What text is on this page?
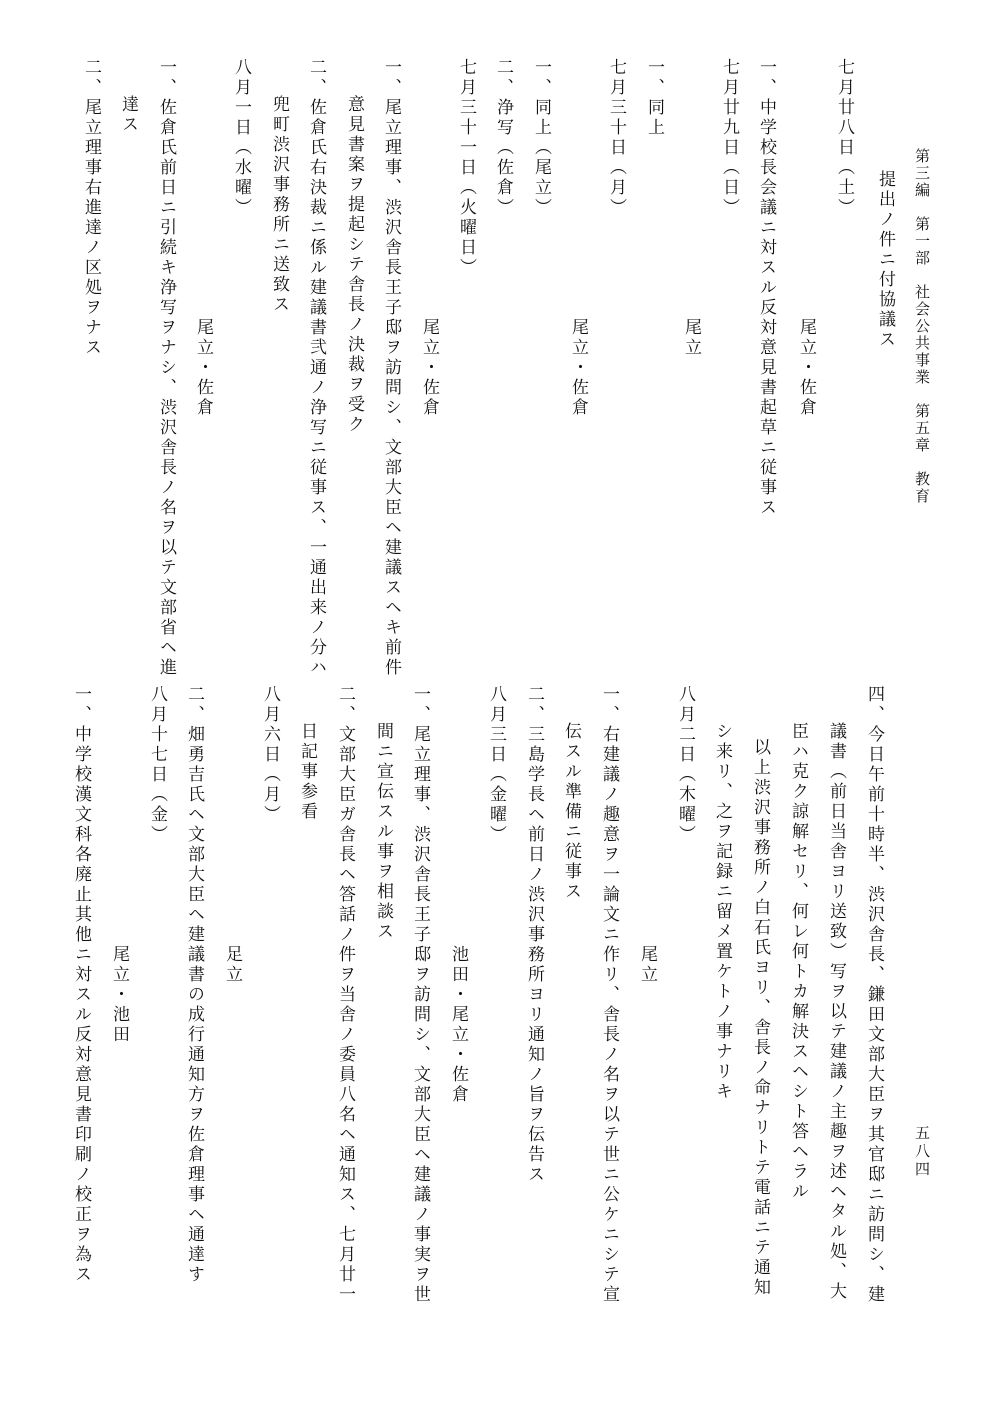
第三編　第一部　社会公共事業　第五章　教育
五八四
提出ノ件ニ付協議ス
七月廿八日（土）
尾立・佐倉
一、中学校長会議ニ対スル反対意見書起草ニ従事ス
七月廿九日（日）
尾立
一、同上
七月三十日（月）
尾立・佐倉
一、同上（尾立）
二、浄写（佐倉）
七月三十一日（火曜日）
尾立・佐倉
一、尾立理事、渋沢舎長王子邸ヲ訪問シ、文部大臣ヘ建議スヘキ前件
意見書案ヲ提起シテ舎長ノ決裁ヲ受ク
二、佐倉氏右決裁ニ係ル建議書弐通ノ浄写ニ従事ス、一通出来ノ分ハ
兜町渋沢事務所ニ送致ス
八月一日（水曜）
尾立・佐倉
一、佐倉氏前日ニ引続キ浄写ヲナシ、渋沢舎長ノ名ヲ以テ文部省ヘ進
達ス
二、尾立理事右進達ノ区処ヲナス
四、今日午前十時半、渋沢舎長、鎌田文部大臣ヲ其官邸ニ訪問シ、建
議書（前日当舎ヨリ送致）写ヲ以テ建議ノ主趣ヲ述ヘタル処、大
臣ハ克ク諒解セリ、何レ何トカ解決スヘシト答ヘラル
以上渋沢事務所ノ白石氏ヨリ、舎長ノ命ナリトテ電話ニテ通知
シ来リ、之ヲ記録ニ留メ置ケトノ事ナリキ
八月二日（木曜）
尾立
一、右建議ノ趣意ヲ一論文ニ作リ、舎長ノ名ヲ以テ世ニ公ケニシテ宣
伝スル準備ニ従事ス
二、三島学長ヘ前日ノ渋沢事務所ヨリ通知ノ旨ヲ伝告ス
八月三日（金曜）
池田・尾立・佐倉
一、尾立理事、渋沢舎長王子邸ヲ訪問シ、文部大臣ヘ建議ノ事実ヲ世
間ニ宣伝スル事ヲ相談ス
二、文部大臣ガ舎長ヘ答話ノ件ヲ当舎ノ委員八名ヘ通知ス、七月廿一
日記事参看
八月六日（月）
足立
二、畑勇吉氏ヘ文部大臣ヘ建議書の成行通知方ヲ佐倉理事ヘ通達す
八月十七日（金）
尾立・池田
一、中学校漢文科各廃止其他ニ対スル反対意見書印刷ノ校正ヲ為ス
